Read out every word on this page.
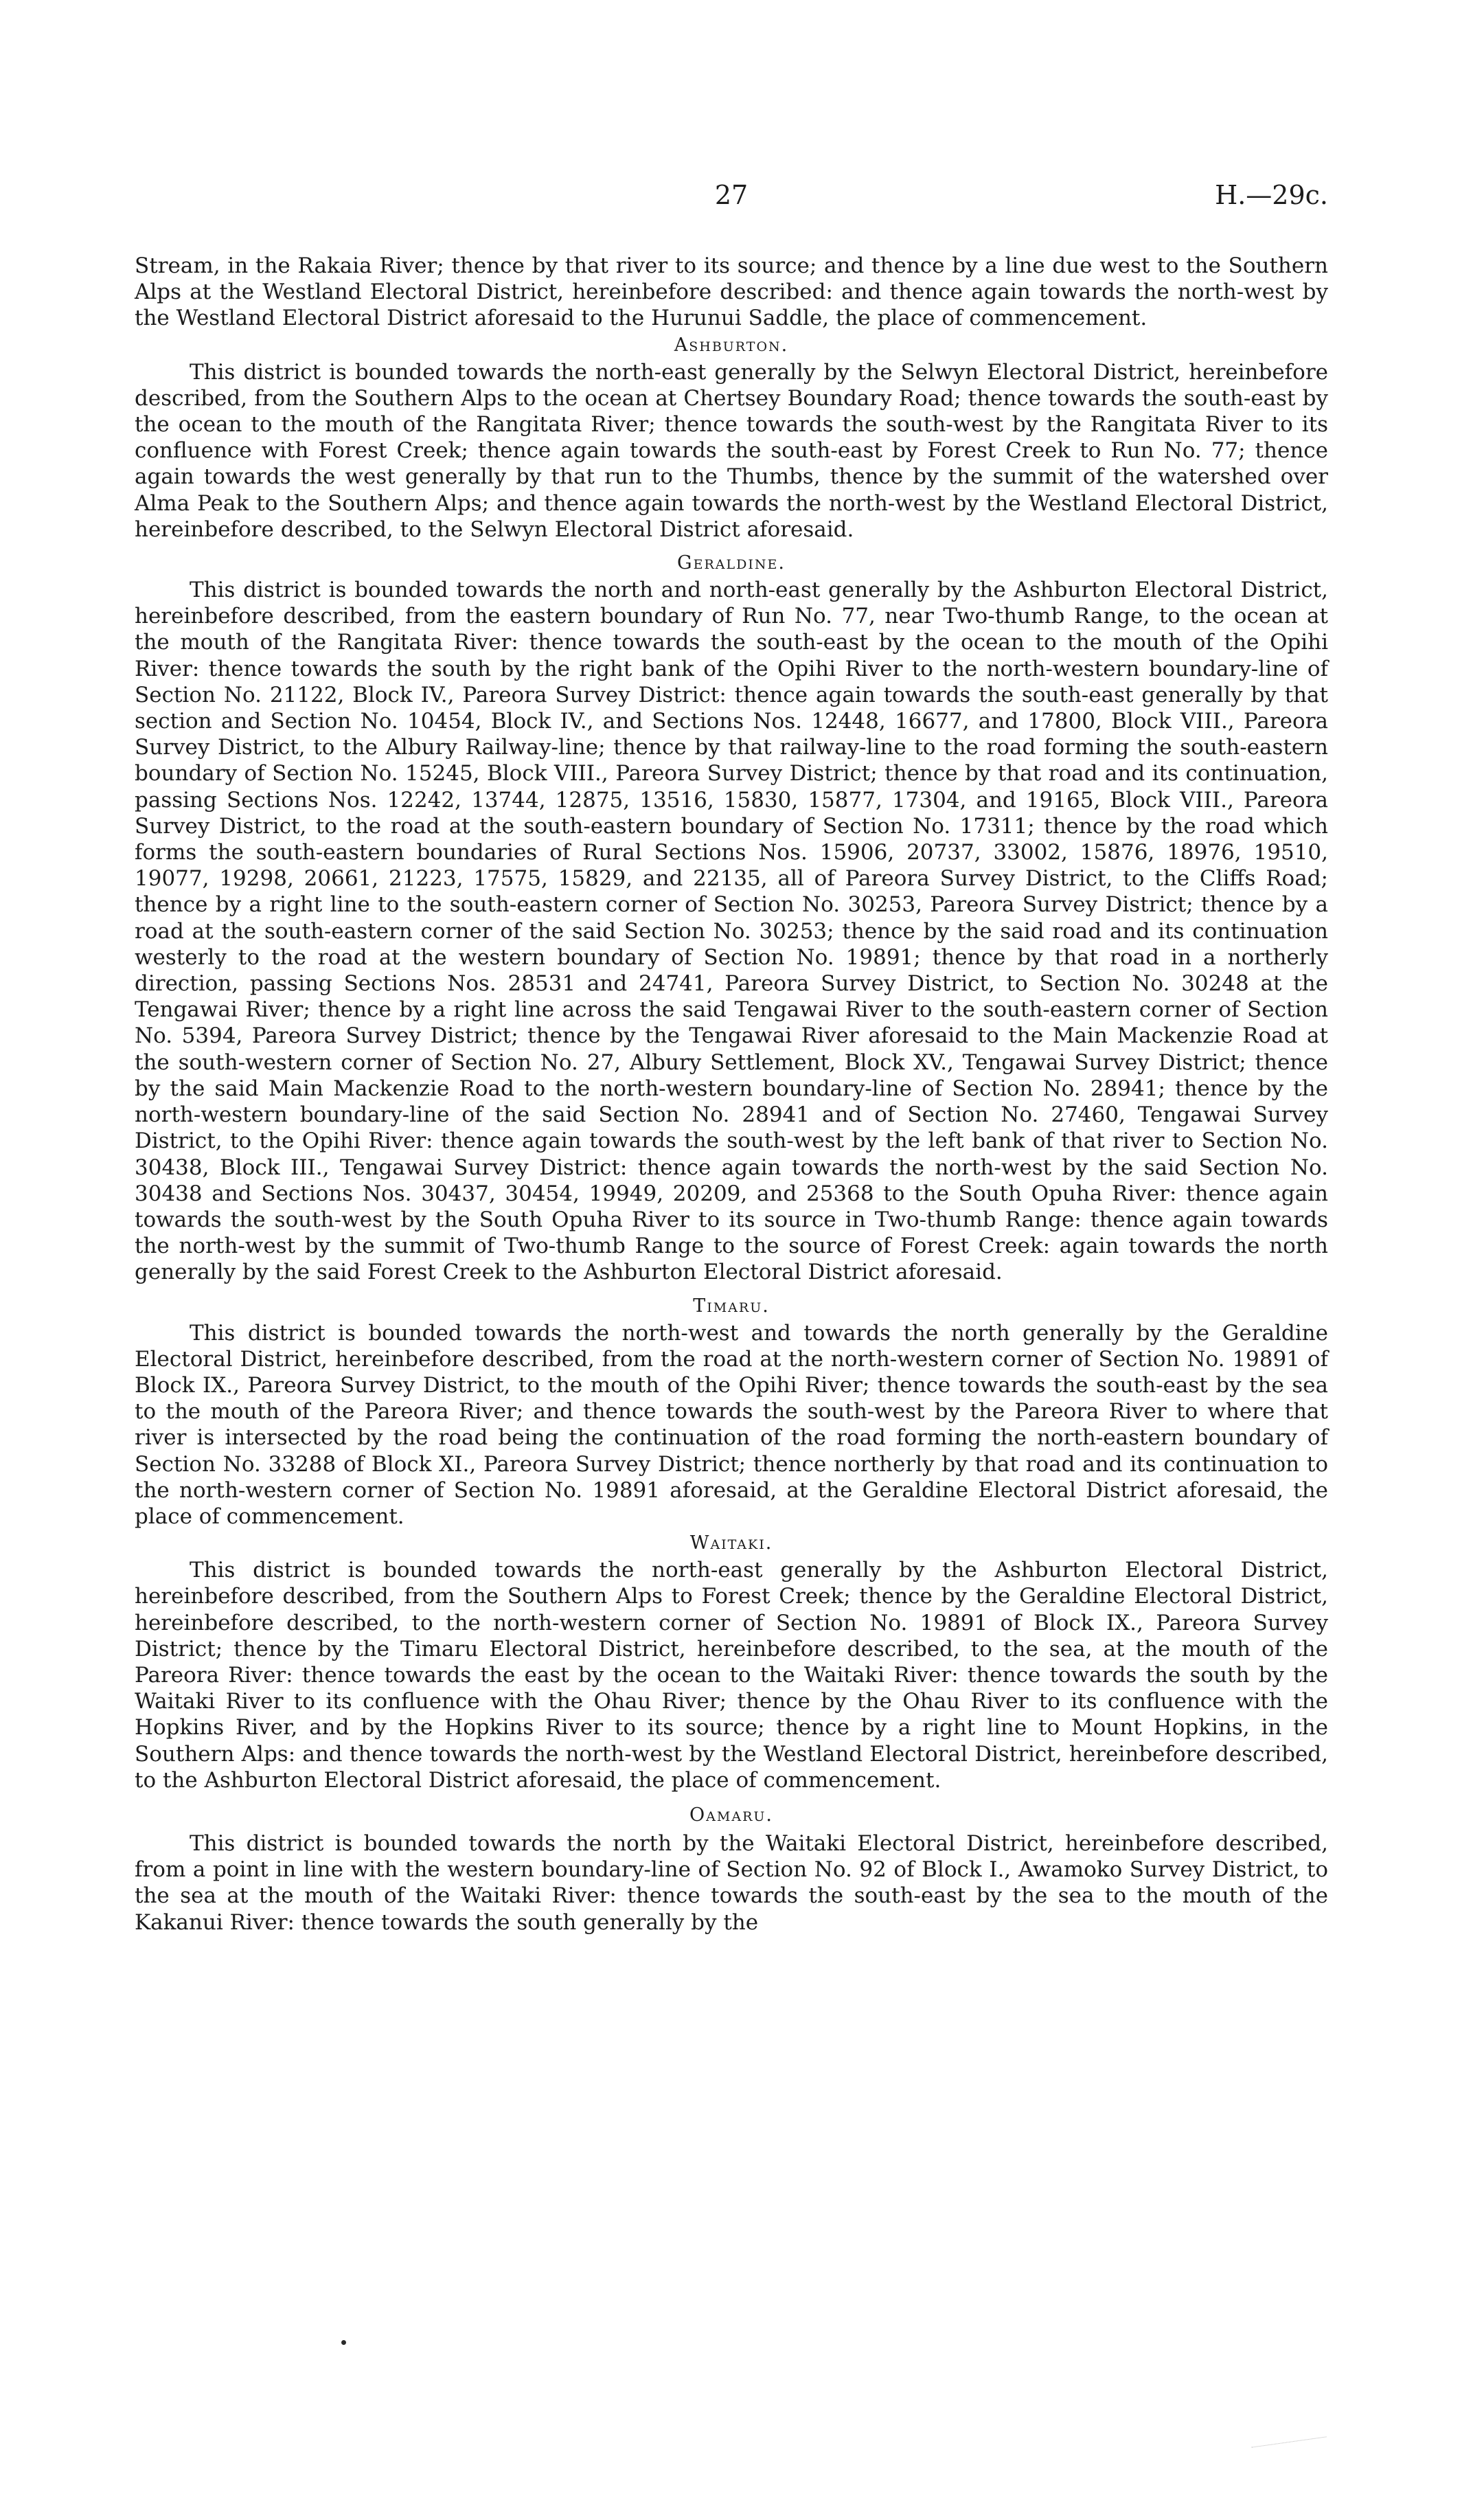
27	H.—29c.

Stream, in the Rakaia River; thence by that river to its source; and thence by a line due west to the Southern Alps at the Westland Electoral District, hereinbefore described: and thence again towards the north-west by the Westland Electoral District aforesaid to the Hurunui Saddle, the place of commencement.

Ashburton.

This district is bounded towards the north-east generally by the Selwyn Electoral District, hereinbefore described, from the Southern Alps to the ocean at Chertsey Boundary Road; thence towards the south-east by the ocean to the mouth of the Rangitata River; thence towards the south-west by the Rangitata River to its confluence with Forest Creek; thence again towards the south-east by Forest Creek to Run No. 77; thence again towards the west generally by that run to the Thumbs, thence by the summit of the watershed over Alma Peak to the Southern Alps; and thence again towards the north-west by the Westland Electoral District, hereinbefore described, to the Selwyn Electoral District aforesaid.

Geraldine.

This district is bounded towards the north and north-east generally by the Ashburton Electoral District, hereinbefore described, from the eastern boundary of Run No. 77, near Two-thumb Range, to the ocean at the mouth of the Rangitata River: thence towards the south-east by the ocean to the mouth of the Opihi River: thence towards the south by the right bank of the Opihi River to the north-western boundary-line of Section No. 21122, Block IV., Pareora Survey District: thence again towards the south-east generally by that section and Section No. 10454, Block IV., and Sections Nos. 12448, 16677, and 17800, Block VIII., Pareora Survey District, to the Albury Railway-line; thence by that railway-line to the road forming the south-eastern boundary of Section No. 15245, Block VIII., Pareora Survey District; thence by that road and its continuation, passing Sections Nos. 12242, 13744, 12875, 13516, 15830, 15877, 17304, and 19165, Block VIII., Pareora Survey District, to the road at the south-eastern boundary of Section No. 17311; thence by the road which forms the south-eastern boundaries of Rural Sections Nos. 15906, 20737, 33002, 15876, 18976, 19510, 19077, 19298, 20661, 21223, 17575, 15829, and 22135, all of Pareora Survey District, to the Cliffs Road; thence by a right line to the south-eastern corner of Section No. 30253, Pareora Survey District; thence by a road at the south-eastern corner of the said Section No. 30253; thence by the said road and its continuation westerly to the road at the western boundary of Section No. 19891; thence by that road in a northerly direction, passing Sections Nos. 28531 and 24741, Pareora Survey District, to Section No. 30248 at the Tengawai River; thence by a right line across the said Tengawai River to the south-eastern corner of Section No. 5394, Pareora Survey District; thence by the Tengawai River aforesaid to the Main Mackenzie Road at the south-western corner of Section No. 27, Albury Settlement, Block XV., Tengawai Survey District; thence by the said Main Mackenzie Road to the north-western boundary-line of Section No. 28941; thence by the north-western boundary-line of the said Section No. 28941 and of Section No. 27460, Tengawai Survey District, to the Opihi River: thence again towards the south-west by the left bank of that river to Section No. 30438, Block III., Tengawai Survey District: thence again towards the north-west by the said Section No. 30438 and Sections Nos. 30437, 30454, 19949, 20209, and 25368 to the South Opuha River: thence again towards the south-west by the South Opuha River to its source in Two-thumb Range: thence again towards the north-west by the summit of Two-thumb Range to the source of Forest Creek: again towards the north generally by the said Forest Creek to the Ashburton Electoral District aforesaid.

Timaru.

This district is bounded towards the north-west and towards the north generally by the Geraldine Electoral District, hereinbefore described, from the road at the north-western corner of Section No. 19891 of Block IX., Pareora Survey District, to the mouth of the Opihi River; thence towards the south-east by the sea to the mouth of the Pareora River; and thence towards the south-west by the Pareora River to where that river is intersected by the road being the continuation of the road forming the north-eastern boundary of Section No. 33288 of Block XI., Pareora Survey District; thence northerly by that road and its continuation to the north-western corner of Section No. 19891 aforesaid, at the Geraldine Electoral District aforesaid, the place of commencement.

Waitaki.

This district is bounded towards the north-east generally by the Ashburton Electoral District, hereinbefore described, from the Southern Alps to Forest Creek; thence by the Geraldine Electoral District, hereinbefore described, to the north-western corner of Section No. 19891 of Block IX., Pareora Survey District; thence by the Timaru Electoral District, hereinbefore described, to the sea, at the mouth of the Pareora River: thence towards the east by the ocean to the Waitaki River: thence towards the south by the Waitaki River to its confluence with the Ohau River; thence by the Ohau River to its confluence with the Hopkins River, and by the Hopkins River to its source; thence by a right line to Mount Hopkins, in the Southern Alps: and thence towards the north-west by the Westland Electoral District, hereinbefore described, to the Ashburton Electoral District aforesaid, the place of commencement.

Oamaru.

This district is bounded towards the north by the Waitaki Electoral District, hereinbefore described, from a point in line with the western boundary-line of Section No. 92 of Block I., Awamoko Survey District, to the sea at the mouth of the Waitaki River: thence towards the south-east by the sea to the mouth of the Kakanui River: thence towards the south generally by the
